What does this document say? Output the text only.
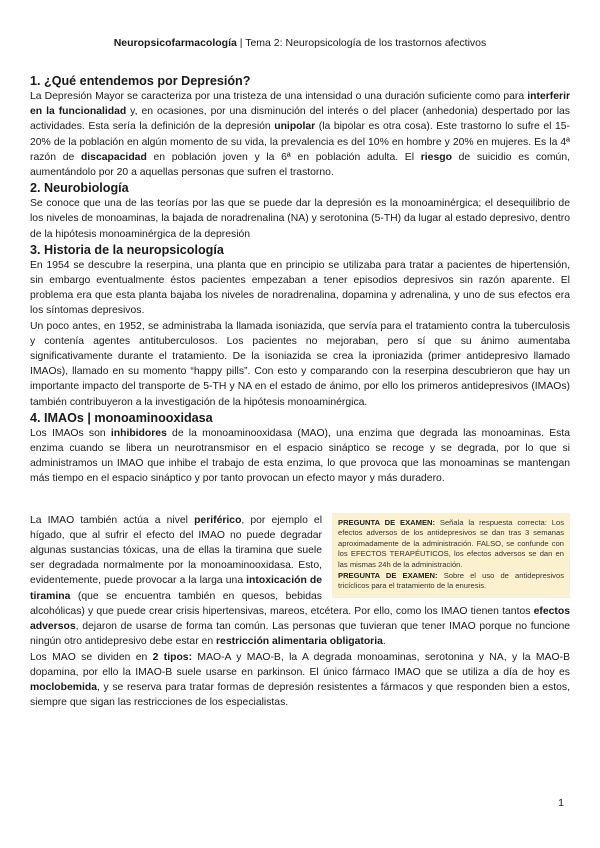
Neuropsicofarmacología | Tema 2: Neuropsicología de los trastornos afectivos
1. ¿Qué entendemos por Depresión?

La Depresión Mayor se caracteriza por una tristeza de una intensidad o una duración suficiente como para interferir en la funcionalidad y, en ocasiones, por una disminución del interés o del placer (anhedonia) despertado por las actividades. Esta sería la definición de la depresión unipolar (la bipolar es otra cosa). Este trastorno lo sufre el 15-20% de la población en algún momento de su vida, la prevalencia es del 10% en hombre y 20% en mujeres. Es la 4ª razón de discapacidad en población joven y la 6ª en población adulta. El riesgo de suicidio es común, aumentándolo por 20 a aquellas personas que sufren el trastorno.

2. Neurobiología

Se conoce que una de las teorías por las que se puede dar la depresión es la monoaminérgica; el desequilibrio de los niveles de monoaminas, la bajada de noradrenalina (NA) y serotonina (5-TH) da lugar al estado depresivo, dentro de la hipótesis monoaminérgica de la depresión

3. Historia de la neuropsicología

En 1954 se descubre la reserpina, una planta que en principio se utilizaba para tratar a pacientes de hipertensión, sin embargo eventualmente éstos pacientes empezaban a tener episodios depresivos sin razón aparente. El problema era que esta planta bajaba los niveles de noradrenalina, dopamina y adrenalina, y uno de sus efectos era los síntomas depresivos.

Un poco antes, en 1952, se administraba la llamada isoniazida, que servía para el tratamiento contra la tuberculosis y contenía agentes antituberculosos. Los pacientes no mejoraban, pero sí que su ánimo aumentaba significativamente durante el tratamiento. De la isoniazida se crea la iproniazida (primer antidepresivo llamado IMAOs), llamado en su momento “happy pills”. Con esto y comparando con la reserpina descubrieron que hay un importante impacto del transporte de 5-TH y NA en el estado de ánimo, por ello los primeros antidepresivos (IMAOs) también contribuyeron a la investigación de la hipótesis monoaminérgica.

4. IMAOs | monoaminooxidasa

Los IMAOs son inhibidores de la monoaminooxidasa (MAO), una enzima que degrada las monoaminas. Esta enzima cuando se libera un neurotransmisor en el espacio sináptico se recoge y se degrada, por lo que si administramos un IMAO que inhibe el trabajo de esta enzima, lo que provoca que las monoaminas se mantengan más tiempo en el espacio sináptico y por tanto provocan un efecto mayor y más duradero.

PREGUNTA DE EXAMEN: Señala la respuesta correcta: Los efectos adversos de los antidepresivos se dan tras 3 semanas aproximadamente de la administración. FALSO, se confunde con los EFECTOS TERAPÉUTICOS, los efectos adversos se dan en las mismas 24h de la administración.

PREGUNTA DE EXAMEN: Sobre el uso de antidepresivos tricíclicos para el tratamiento de la enuresis.

La IMAO también actúa a nivel periférico, por ejemplo el hígado, que al sufrir el efecto del IMAO no puede degradar algunas sustancias tóxicas, una de ellas la tiramina que suele ser degradada normalmente por la monoaminooxidasa. Esto, evidentemente, puede provocar a la larga una intoxicación de tiramina (que se encuentra también en quesos, bebidas alcohólicas) y que puede crear crisis hipertensivas, mareos, etcétera. Por ello, como los IMAO tienen tantos efectos adversos, dejaron de usarse de forma tan común. Las personas que tuvieran que tener IMAO porque no funcione ningún otro antidepresivo debe estar en restricción alimentaria obligatoria.

Los MAO se dividen en 2 tipos: MAO-A y MAO-B, la A degrada monoaminas, serotonina y NA, y la MAO-B dopamina, por ello la IMAO-B suele usarse en parkinson. El único fármaco IMAO que se utiliza a día de hoy es moclobemida, y se reserva para tratar formas de depresión resistentes a fármacos y que responden bien a estos, siempre que sigan las restricciones de los especialistas.

1
